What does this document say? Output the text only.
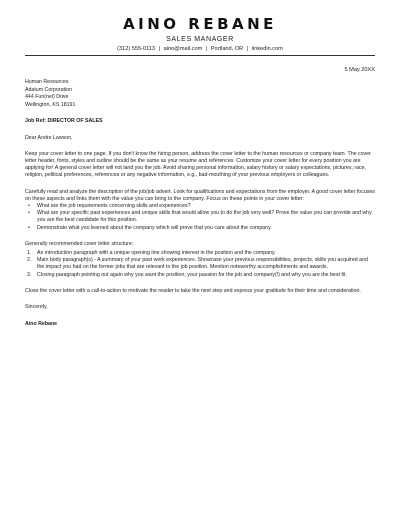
AINO REBANE
SALES MANAGER
(312) 555-0113 | aino@mail.com | Portland, OR | linkedin.com
5 May 20XX
Human Resources
Adatum Corporation
444 Fun(nel) Drive
Wellington, KS 18191
Job Ref: DIRECTOR OF SALES
Dear Andre Lawson,

Keep your cover letter to one page. If you don't know the hiring person, address the cover letter to the human resources or company team. The cover letter header, fonts, styles and outline should be the same as your resume and references. Customize your cover letter for every position you are applying for! A general cover letter will not land you the job. Avoid sharing personal information, salary history or salary expectations, pictures, race, religion, political preferences, references or any negative information, e.g., bad-mouthing of your previous employers or colleagues.

Carefully read and analyze the description of the job/job advert. Look for qualifications and expectations from the employer. A good cover letter focuses on these aspects and links them with the value you can bring to the company. Focus on these points in your cover letter:

• What are the job requirements concerning skills and experiences?
• What are your specific past experiences and unique skills that would allow you to do the job very well? Prove the value you can provide and why you are the best candidate for this position.
• Demonstrate what you learned about the company which will prove that you care about the company.

Generally recommended cover letter structure:

1. An introduction paragraph with a unique opening line showing interest in the position and the company.
2. Main body paragraph(s) - A summary of your past work experiences. Showcase your previous responsibilities, projects, skills you acquired and the impact you had on the former jobs that are relevant to the job position. Mention noteworthy accomplishments and awards.
3. Closing paragraph pointing out again why you want the position, your passion for the job and company(!) and why you are the best fit.

Close the cover letter with a call-to-action to motivate the reader to take the next step and express your gratitude for their time and consideration.

Sincerely,
Aino Rebane
